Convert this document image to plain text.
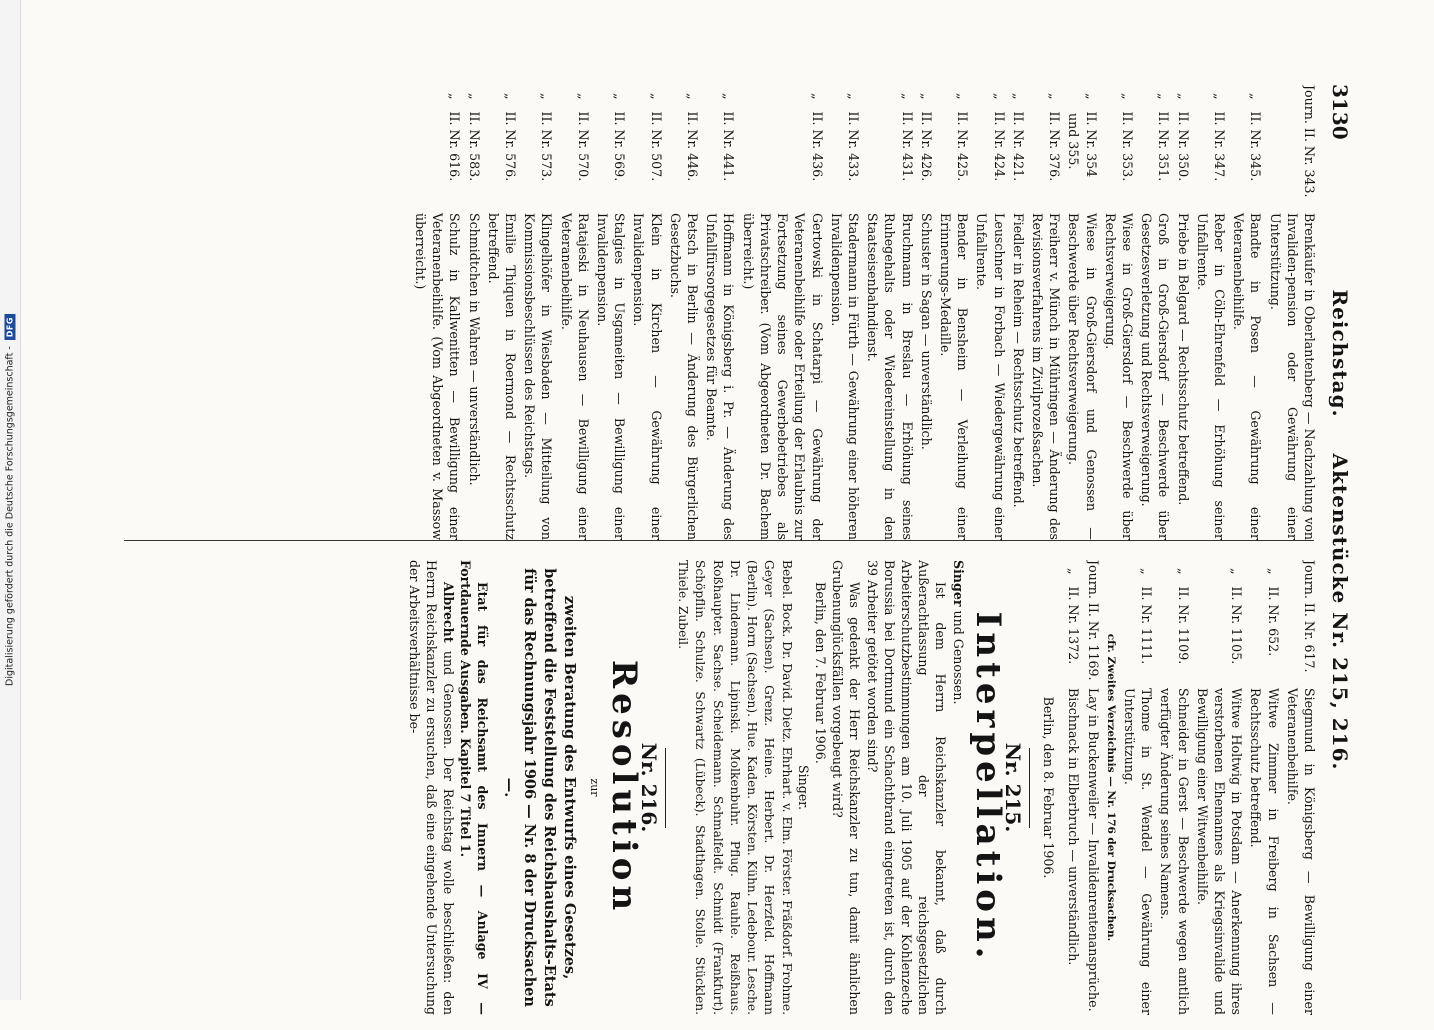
Digitalisierung gefördert durch die Deutsche Forschungsgemeinschaft -
DFG
3130
Reichstag. Aktenstücke Nr. 215, 216.
Journ. II. Nr. 343.
Brenkäufer in Oberlantenberg — Nachzahlung von Invaliden-pension oder Gewährung einer Unterstützung.
„   II. Nr. 345.
Bandte in Posen — Gewährung einer Veteranenbeihilfe.
„   II. Nr. 347.
Reber in Cöln-Ehrenfeld — Erhöhung seiner Unfallrente.
„   II. Nr. 350.
Priebe in Belgard — Rechtsschutz betreffend.
„   II. Nr. 351.
Groß in Groß-Giersdorf — Beschwerde über Gesetzesverletzung und Rechtsverweigerung.
„   II. Nr. 353.
Wiese in Groß-Giersdorf — Beschwerde über Rechtsverweigerung.
„   II. Nr. 354
und 355.
Wiese in Groß-Giersdorf und Genossen — Beschwerde über Rechtsverweigerung.
„   II. Nr. 376.
Freiherr v. Münch in Mühringen — Änderung des Revisionsverfahrens im Zivilprozeßsachen.
„   II. Nr. 421.
Fiedler in Reheim — Rechtsschutz betreffend.
„   II. Nr. 424.
Leuschner in Forbach — Wiedergewährung einer Unfallrente.
„   II. Nr. 425.
Bender in Bensheim — Verleihung einer Erinnerungs-Medaille.
„   II. Nr. 426.
Schuster in Sagan — unverständlich.
„   II. Nr. 431.
Bruchmann in Breslau — Erhöhung seines Ruhegehalts oder Wiedereinstellung in den Staatseisenbahndienst.
„   II. Nr. 433.
Stadermann in Fürth — Gewährung einer höheren Invalidenpension.
„   II. Nr. 436.
Gertowski in Schatarpi — Gewährung der Veteranenbeihilfe oder Erteilung der Erlaubnis zur Fortsetzung seines Gewerbebetriebes als Privatschreiber. (Vom Abgeordneten Dr. Bachem überreicht.)
„   II. Nr. 441.
Hoffmann in Königsberg i. Pr. — Änderung des Unfallfürsorgegesetzes für Beamte.
„   II. Nr. 446.
Petsch in Berlin — Änderung des Bürgerlichen Gesetzbuchs.
„   II. Nr. 507.
Klein in Kirchen — Gewährung einer Invalidenpension.
„   II. Nr. 569.
Stalgies in Usgameiten — Bewilligung einer Invalidenpension.
„   II. Nr. 570.
Ratajeski in Neuhausen — Bewilligung einer Veteranenbeihilfe.
„   II. Nr. 573.
Klingelhöfer in Wiesbaden — Mitteilung von Kommissionsbeschlüssen des Reichstags.
„   II. Nr. 576.
Emilie Thiquen in Roermond — Rechtsschutz betreffend.
„   II. Nr. 583.
Schmidtchen in Wahren — unverständlich.
„   II. Nr. 616.
Schulz in Kallwenitten — Bewilligung einer Veteranenbeihilfe. (Vom Abgeordneten v. Massow überreicht.)
Journ. II. Nr. 617.
Siegmund in Königsberg — Bewilligung einer Veteranenbeihilfe.
„   II. Nr. 652.
Witwe Zimmer in Freiberg in Sachsen — Rechtsschutz betreffend.
„   II. Nr. 1105.
Witwe Holtwig in Potsdam — Anerkennung ihres verstorbenen Ehemannes als Kriegsinvalide und Bewilligung einer Witwenbeihilfe.
„   II. Nr. 1109.
Schneider in Gerst — Beschwerde wegen amtlich verfügter Änderung seines Namens.
„   II. Nr. 1111.
Thome in St. Wendel — Gewährung einer Unterstützung.
cfr. Zweites Verzeichnis — Nr. 176 der Drucksachen.
Journ. II. Nr. 1169.
Lay in Buckenweiler — Invalidenrentenansprüche.
„   II. Nr. 1372.
Bischnack in Elberbruch — unverständlich.
Berlin, den 8. Februar 1906.
Nr. 215.
Interpellation.

Singer und Genossen.

Ist dem Herrn Reichskanzler bekannt, daß durch Außerachtlassung der reichsgesetzlichen Arbeiterschutzbestimmungen am 10. Juli 1905 auf der Kohlenzeche Borussia bei Dortmund ein Schachtbrand eingetreten ist, durch den 39 Arbeiter getötet worden sind?

Was gedenkt der Herr Reichskanzler zu tun, damit ähnlichen Grubenunglücksfällen vorgebeugt wird?

Berlin, den 7. Februar 1906.

Singer.
Bebel. Bock. Dr. David. Dietz. Ehrhart. v. Elm. Förster. Fräßdorf. Frohme. Geyer (Sachsen). Grenz. Heine. Herbert. Dr. Herzfeld. Hoffmann (Berlin). Horn (Sachsen). Hue. Kaden. Körsten. Kühn. Ledebour. Lesche. Dr. Lindemann. Lipinski. Molkenbuhr. Pflug. Rauhle. Reißhaus. Roßhaupter. Sachse. Scheidemann. Schmalfeldt. Schmidt (Frankfurt). Schöpflin. Schulze. Schwartz (Lübeck). Stadthagen. Stolle. Stücklen. Thiele. Zubeil.
Nr. 216.
Resolution
zur
zweiten Beratung des Entwurfs eines Gesetzes, betreffend die Feststellung des Reichshaushalts-Etats für das Rechnungsjahr 1906 — Nr. 8 der Drucksachen —.

Etat für das Reichsamt des Innern — Anlage IV — Fortdauernde Ausgaben. Kapitel 7 Titel 1.

Albrecht und Genossen. Der Reichstag wolle beschließen: den Herrn Reichskanzler zu ersuchen, daß eine eingehende Untersuchung der Arbeitsverhältnisse be-
